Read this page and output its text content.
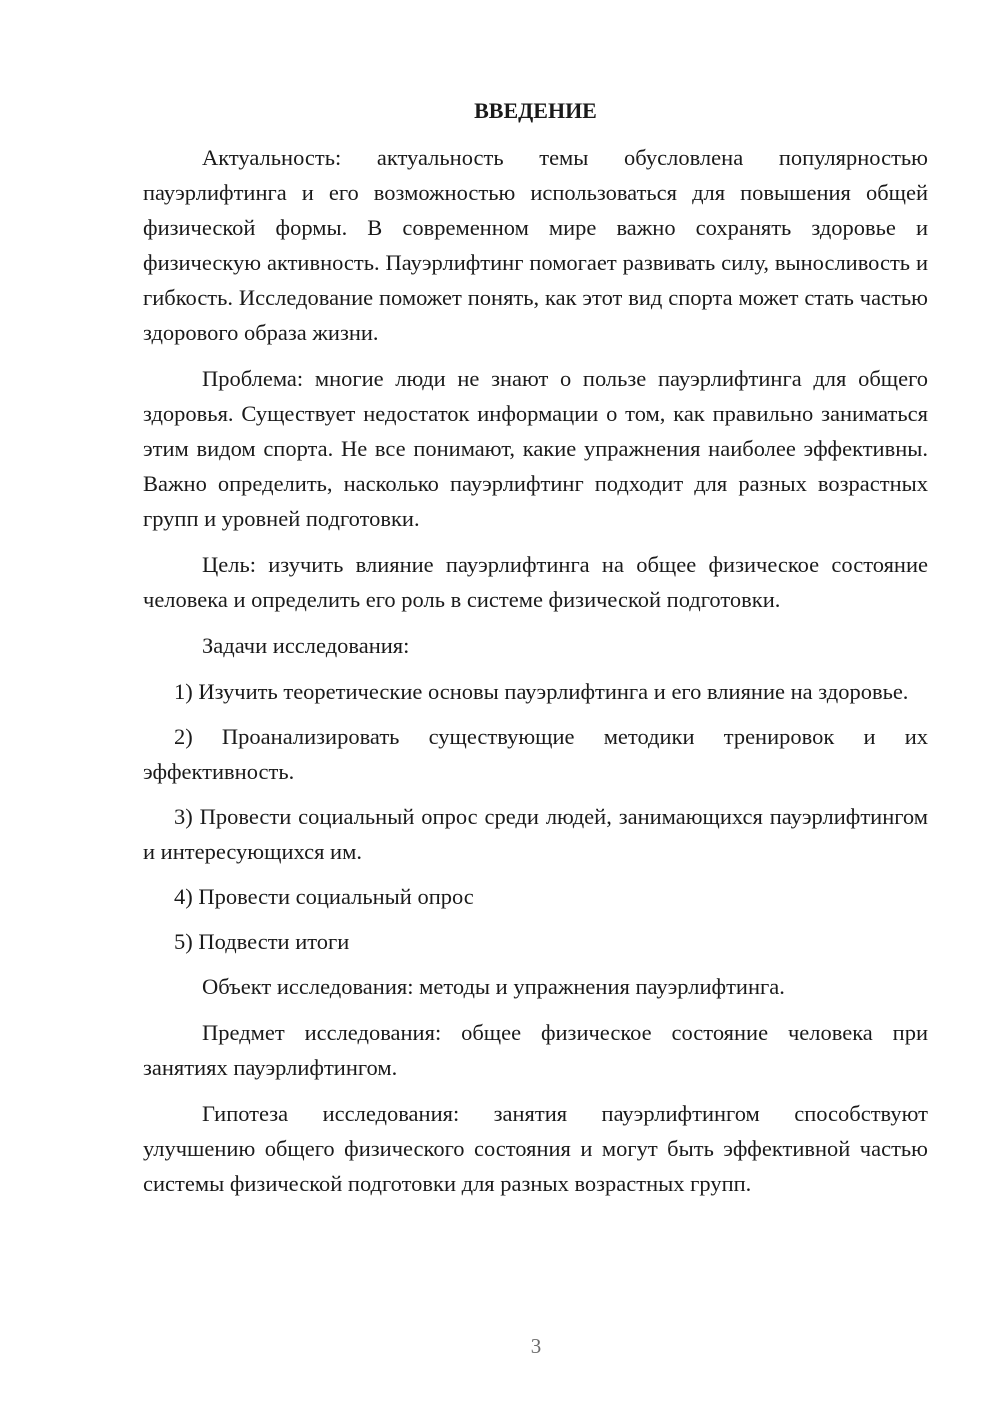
ВВЕДЕНИЕ

Актуальность: актуальность темы обусловлена популярностью пауэрлифтинга и его возможностью использоваться для повышения общей физической формы. В современном мире важно сохранять здоровье и физическую активность. Пауэрлифтинг помогает развивать силу, выносливость и гибкость. Исследование поможет понять, как этот вид спорта может стать частью здорового образа жизни.

Проблема: многие люди не знают о пользе пауэрлифтинга для общего здоровья. Существует недостаток информации о том, как правильно заниматься этим видом спорта. Не все понимают, какие упражнения наиболее эффективны. Важно определить, насколько пауэрлифтинг подходит для разных возрастных групп и уровней подготовки.

Цель: изучить влияние пауэрлифтинга на общее физическое состояние человека и определить его роль в системе физической подготовки.

Задачи исследования:

1) Изучить теоретические основы пауэрлифтинга и его влияние на здоровье.

2) Проанализировать существующие методики тренировок и их эффективность.

3) Провести социальный опрос среди людей, занимающихся пауэрлифтингом и интересующихся им.

4) Провести социальный опрос

5) Подвести итоги

Объект исследования: методы и упражнения пауэрлифтинга.

Предмет исследования: общее физическое состояние человека при занятиях пауэрлифтингом.

Гипотеза исследования: занятия пауэрлифтингом способствуют улучшению общего физического состояния и могут быть эффективной частью системы физической подготовки для разных возрастных групп.

3
